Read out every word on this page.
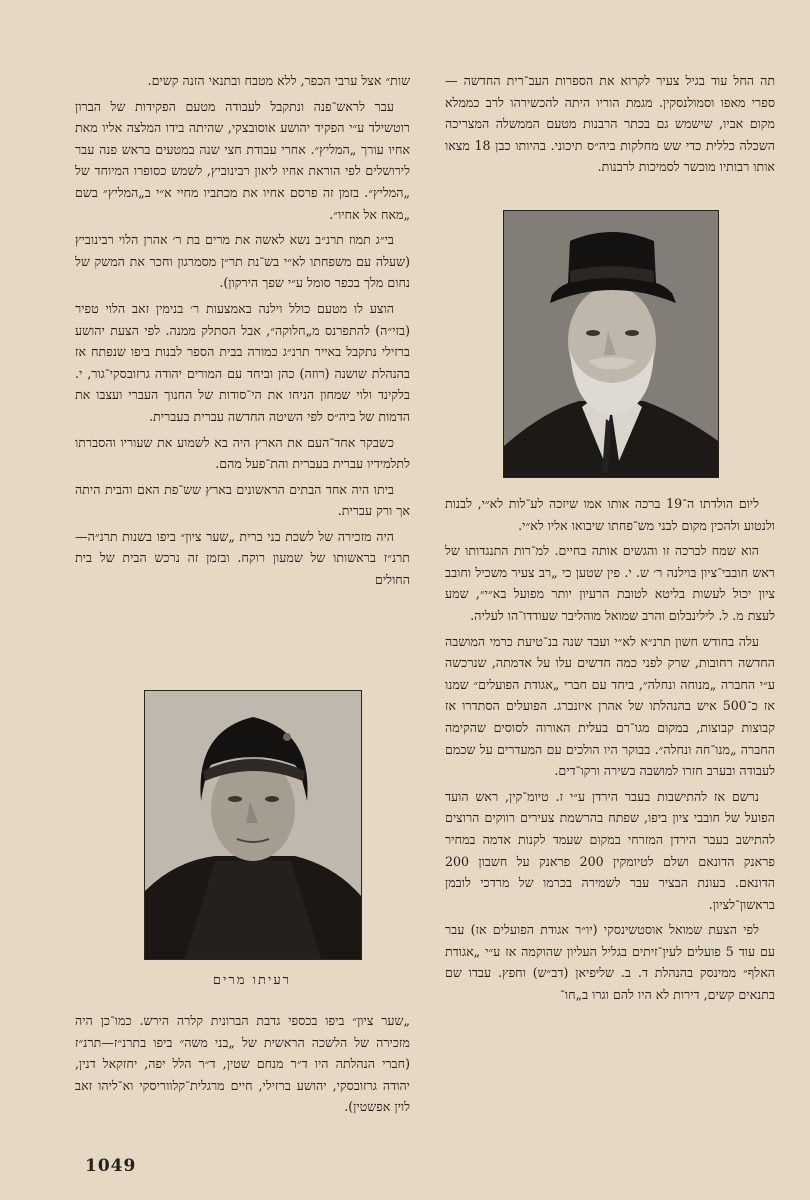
תה החל עוד בגיל צעיר לקרוא את הספרות העב־רית החדשה — ספרי מאפו וסמולנסקין. מגמת הוריו היתה להכשירהו לרב כממלא מקום אביו, שישמש גם בכתר הרבנות מטעם הממשלה המצריכה השכלה כללית כדי שש מחלקות ביה״ס תיכוני. בהיותו כבן 18 מצאו אותו רבותיו מוכשר לסמיכות לרבנות.

ליום הולדתו ה־19 ברכה אותו אמו שיזכה לע־לות לא״י, לבנות ולנטוע ולהכין מקום לבני מש־פחתו שיבואו אליו לא״י.

הוא שמח לברכה זו והגשים אותה בחיים. למ־רות התנגדותו של ראש חובבי־ציון בוילנה ר׳ ש. י. פין שטען כי „רב צעיר משכיל וחובב ציון יכול לעשות בליטא לטובת הרעיון יותר מפועל בא״י״, שמע לעצת מ. ל. לילינבלום והרב שמואל מוהליבר שעודדו־הו לעליה.

עלה בחודש חשון תרנ״א לא״י ועבד שנה בנ־טיעת כרמי המושבה החדשה רחובות, שרק לפני כמה חדשים עלו על אדמתה, שנרכשה ע״י החברה „מנוחה ונחלה״, ביחד עם חברי „אגודת הפועלים״ שמנו אז כ־500 איש בהנהלתו של אהרן איזנברג. הפועלים הסתדרו אז קבוצות קבוצות, במקום מגו־רם בעלית האורוה לסוסים שהקימה החברה „מנו־חה ונחלה״. בבוקר היו הולכים עם המעדרים על שכמם לעבודה ובערב חזרו למושבה בשירה ורקו־דים.

נרשם אז להתישבות בעבר הירדן ע״י ז. טיומ־קין, ראש הועד הפועל של חובבי ציון ביפו, שפתח בהרשמת צעירים רווקים הרוצים להתישב בעבר הירדן המזרחי במקום שעמד לקנות אדמה במחיר פראנק הדונאם ושלם לטיומקין 200 פראנק על חשבון 200 הדונאם. בעונת הבציר עבר לשמירה בכרמו של מרדכי לובמן בראשון־לציון.

לפי הצעת שמואל אוסטשינסקי (יו״ר אגודת הפועלים אז) עבר עם עוד 5 פועלים לעין־זיתים בגליל העליון שהוקמה אז ע״י „אגודת האלף״ ממינסק בהנהלת ד. ב. שליפיאן (דב״ש) וחפץ. עבדו שם בתנאים קשים, דירות לא היו להם וגרו ב„חו־

שות״ אצל ערבי הכפר, ללא מטבח ובתנאי הזנה קשים.

עבר לראש־פנה ונתקבל לעבודה מטעם הפקידות של הברון רוטשילד ע״י הפקיד יהושע אוסובצקי, שהיתה בידו המלצה אליו מאת אחיו עורך „המליץ״. אחרי עבודת חצי שנה במטעים בראש פנה עבר לירושלים לפי הוראת אחיו ליאון רבינוביץ, לשמש כסופרו המיוחד של „המליץ״. בזמן זה פרסם אחיו את מכתביו מחיי א״י ב„המליץ״ בשם „מאח אל אחיו״.

בי״ג תמוז תרנ״ב נשא לאשה את מרים בת ר׳ אהרן הלוי רבינוביץ (שעלה עם משפחתו לא״י בש־נת תר״ן מסמרגון וחכר את המשק של נחום מלך בכפר סומל ע״י שפך הירקון).

הוצע לו מטעם כולל וילנה באמצעות ר׳ בנימין זאב הלוי טפיר (בזי״ה) להתפרנס מ„חלוקה״, אבל הסתלק ממנה. לפי הצעת יהושע ברזילי נתקבל באייר תרנ״ג כמורה בבית הספר לבנות ביפו שנפתח אז בהנהלת שושנה (רוזה) כהן וביחד עם המורים יהודה גרזובסקי־גור, י. בלקינד ולוי שמחון הניחו את הי־סודות של החנוך העברי ועצבו את הדמות של ביה״ס לפי השיטה החדשה עברית בעברית.

כשבקר אחד־העם את הארץ היה בא לשמוע את שעוריו והסברתו לתלמידיו עברית בעברית והת־פעל מהם.

ביתו היה אחד הבתים הראשונים בארץ שש־פת האם והבית היתה אך ורק עברית.

היה מזכירה של לשכת בני ברית „שער ציון״ ביפו בשנות תרנ״ה—תרנ״ז בראשותו של שמעון רוקח. ובזמן זה נרכש הבית של בית החולים

רעיתו מרים

„שער ציון״ ביפו בכספי גדבת הברונית קלרה הירש. כמו־כן היה מזכירה של הלשכה הראשית של „בני משה״ ביפו בתרנ״ז—תרנ״ז (חברי הנהלתה היו ד״ר מנחם שטין, ד״ר הלל יפה, יחזקאל דנין, יהודה גרזובסקי, יהושע ברזילי, חיים מרגלית־קלווריסקי וא־ליהו זאב לוין אפשטין).

1049
